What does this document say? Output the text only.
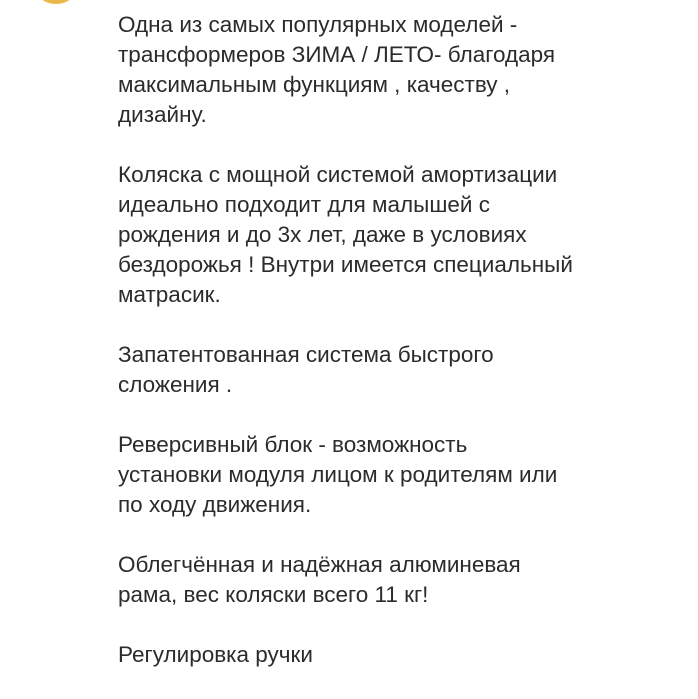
Одна из самых популярных моделей -
трансформеров ЗИМА / ЛЕТО- благодаря
максимальным функциям , качеству ,
дизайну.

Коляска с мощной системой амортизации
идеально подходит для малышей с
рождения и до 3х лет, даже в условиях
бездорожья ! Внутри имеется специальный
матрасик.

Запатентованная система быстрого
сложения .

Реверсивный блок - возможность
установки модуля лицом к родителям или
по ходу движения.

Облегчённая и надёжная алюминевая
рама, вес коляски всего 11 кг!

Регулировка ручки
